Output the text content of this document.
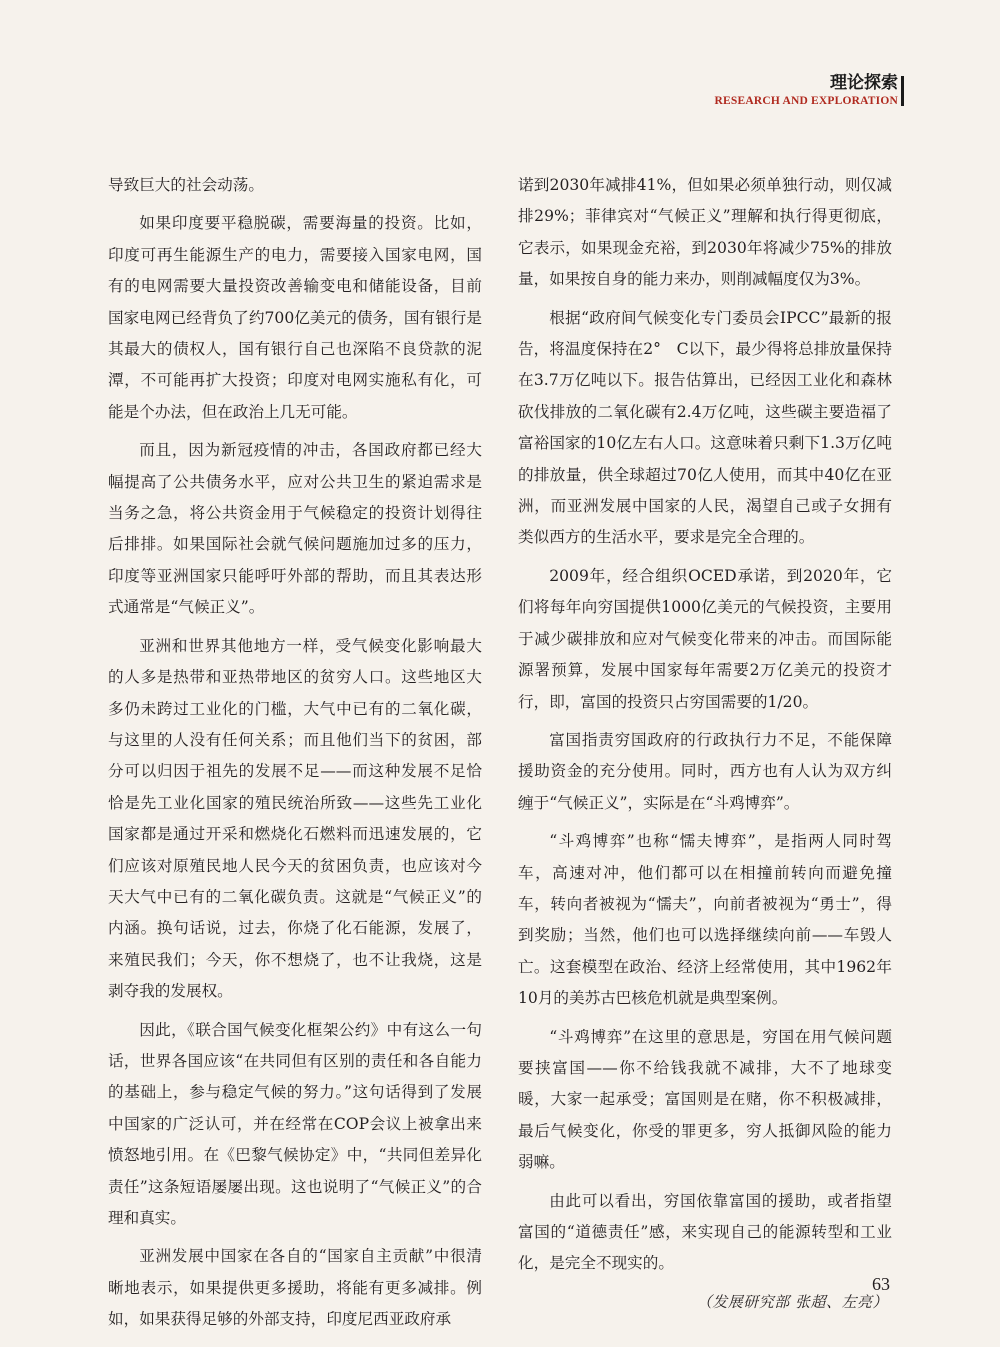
理论探索
RESEARCH AND EXPLORATION

导致巨大的社会动荡。

如果印度要平稳脱碳，需要海量的投资。比如，印度可再生能源生产的电力，需要接入国家电网，国有的电网需要大量投资改善输变电和储能设备，目前国家电网已经背负了约700亿美元的债务，国有银行是其最大的债权人，国有银行自己也深陷不良贷款的泥潭，不可能再扩大投资；印度对电网实施私有化，可能是个办法，但在政治上几无可能。

而且，因为新冠疫情的冲击，各国政府都已经大幅提高了公共债务水平，应对公共卫生的紧迫需求是当务之急，将公共资金用于气候稳定的投资计划得往后排排。如果国际社会就气候问题施加过多的压力，印度等亚洲国家只能呼吁外部的帮助，而且其表达形式通常是“气候正义”。

亚洲和世界其他地方一样，受气候变化影响最大的人多是热带和亚热带地区的贫穷人口。这些地区大多仍未跨过工业化的门槛，大气中已有的二氧化碳，与这里的人没有任何关系；而且他们当下的贫困，部分可以归因于祖先的发展不足——而这种发展不足恰恰是先工业化国家的殖民统治所致——这些先工业化国家都是通过开采和燃烧化石燃料而迅速发展的，它们应该对原殖民地人民今天的贫困负责，也应该对今天大气中已有的二氧化碳负责。这就是“气候正义”的内涵。换句话说，过去，你烧了化石能源，发展了，来殖民我们；今天，你不想烧了，也不让我烧，这是剥夺我的发展权。

因此，《联合国气候变化框架公约》中有这么一句话，世界各国应该“在共同但有区别的责任和各自能力的基础上，参与稳定气候的努力。”这句话得到了发展中国家的广泛认可，并在经常在COP会议上被拿出来愤怒地引用。在《巴黎气候协定》中，“共同但差异化责任”这条短语屡屡出现。这也说明了“气候正义”的合理和真实。

亚洲发展中国家在各自的“国家自主贡献”中很清晰地表示，如果提供更多援助，将能有更多减排。例如，如果获得足够的外部支持，印度尼西亚政府承

诺到2030年减排41%，但如果必须单独行动，则仅减排29%；菲律宾对“气候正义”理解和执行得更彻底，它表示，如果现金充裕，到2030年将减少75%的排放量，如果按自身的能力来办，则削减幅度仅为3%。

根据“政府间气候变化专门委员会IPCC”最新的报告，将温度保持在2°　C以下，最少得将总排放量保持在3.7万亿吨以下。报告估算出，已经因工业化和森林砍伐排放的二氧化碳有2.4万亿吨，这些碳主要造福了富裕国家的10亿左右人口。这意味着只剩下1.3万亿吨的排放量，供全球超过70亿人使用，而其中40亿在亚洲，而亚洲发展中国家的人民，渴望自己或子女拥有类似西方的生活水平，要求是完全合理的。

2009年，经合组织OCED承诺，到2020年，它们将每年向穷国提供1000亿美元的气候投资，主要用于减少碳排放和应对气候变化带来的冲击。而国际能源署预算，发展中国家每年需要2万亿美元的投资才行，即，富国的投资只占穷国需要的1/20。

富国指责穷国政府的行政执行力不足，不能保障援助资金的充分使用。同时，西方也有人认为双方纠缠于“气候正义”，实际是在“斗鸡博弈”。

“斗鸡博弈”也称“懦夫博弈”，是指两人同时驾车，高速对冲，他们都可以在相撞前转向而避免撞车，转向者被视为“懦夫”，向前者被视为“勇士”，得到奖励；当然，他们也可以选择继续向前——车毁人亡。这套模型在政治、经济上经常使用，其中1962年10月的美苏古巴核危机就是典型案例。

“斗鸡博弈”在这里的意思是，穷国在用气候问题要挟富国——你不给钱我就不减排，大不了地球变暖，大家一起承受；富国则是在赌，你不积极减排，最后气候变化，你受的罪更多，穷人抵御风险的能力弱嘛。

由此可以看出，穷国依靠富国的援助，或者指望富国的“道德责任”感，来实现自己的能源转型和工业化，是完全不现实的。

（发展研究部 张超、左亮）

63
